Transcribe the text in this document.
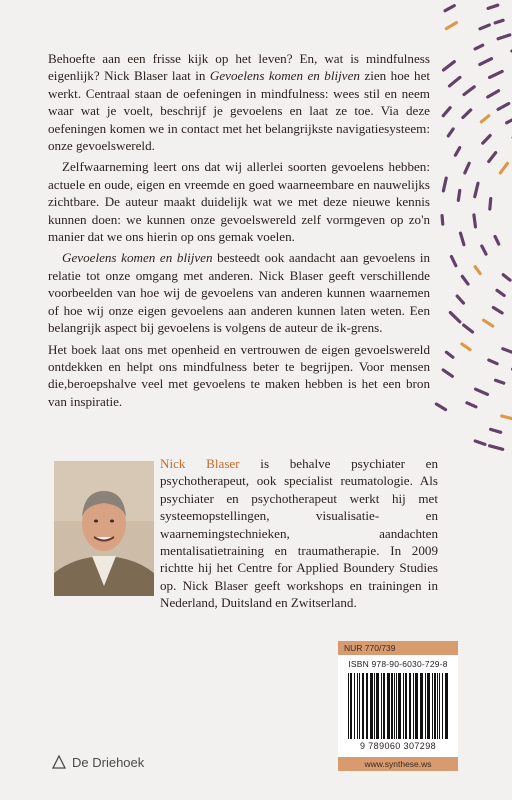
Behoefte aan een frisse kijk op het leven? En, wat is mindfulness eigenlijk? Nick Blaser laat in Gevoelens komen en blijven zien hoe het werkt. Centraal staan de oefeningen in mindfulness: wees stil en neem waar wat je voelt, beschrijf je gevoelens en laat ze toe. Via deze oefeningen komen we in contact met het belangrijkste navigatiesysteem: onze gevoelswereld.

Zelfwaarneming leert ons dat wij allerlei soorten gevoelens hebben: actuele en oude, eigen en vreemde en goed waarneembare en nauwelijks zichtbare. De auteur maakt duidelijk wat we met deze nieuwe kennis kunnen doen: we kunnen onze gevoelswereld zelf vormgeven op zo'n manier dat we ons hierin op ons gemak voelen.

Gevoelens komen en blijven besteedt ook aandacht aan gevoelens in relatie tot onze omgang met anderen. Nick Blaser geeft verschillende voorbeelden van hoe wij de gevoelens van anderen kunnen waarnemen of hoe wij onze eigen gevoelens aan anderen kunnen laten weten. Een belangrijk aspect bij gevoelens is volgens de auteur de ik-grens.

Het boek laat ons met openheid en vertrouwen de eigen gevoelswereld ontdekken en helpt ons mindfulness beter te begrijpen. Voor mensen die,beroepshalve veel met gevoelens te maken hebben is het een bron van inspiratie.

Nick Blaser is behalve psychiater en psychotherapeut, ook specialist reumatologie. Als psychiater en psychotherapeut werkt hij met systeemopstellingen, visualisatie- en waarnemingstechnieken, aandachten mentalisatietraining en traumatherapie. In 2009 richtte hij het Centre for Applied Boundery Studies op. Nick Blaser geeft workshops en trainingen in Nederland, Duitsland en Zwitserland.
NUR 770/739
ISBN 978-90-6030-729-8
9 789060 307298
www.synthese.ws
De Driehoek
